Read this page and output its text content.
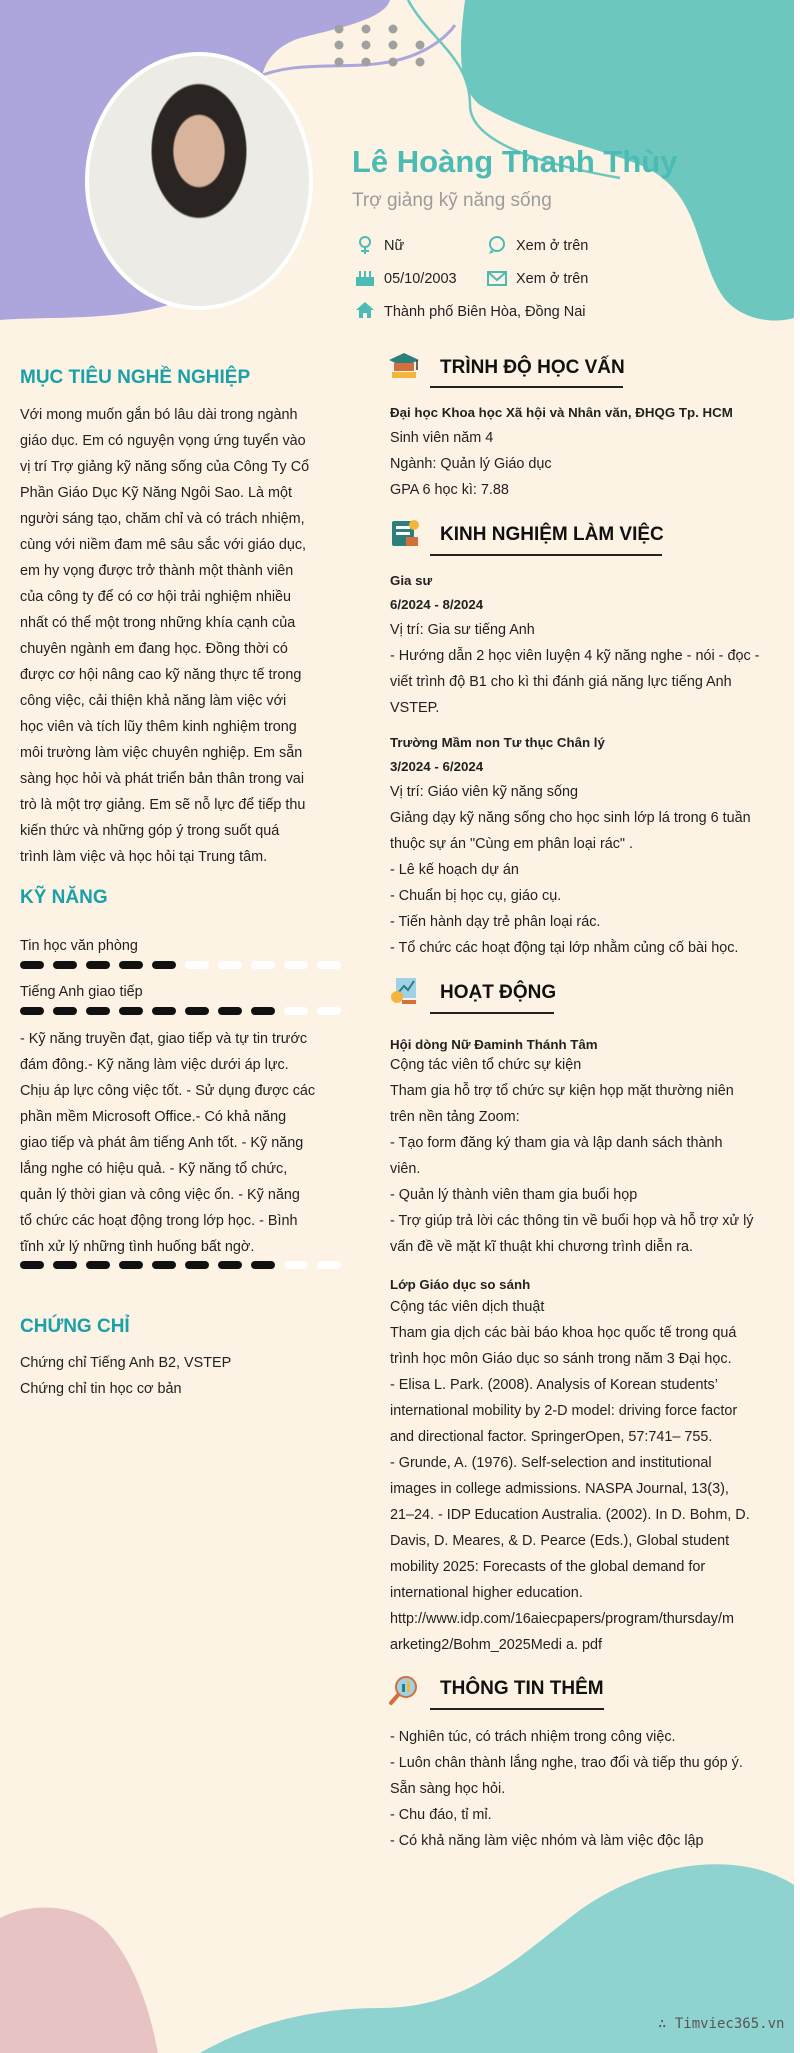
Lê Hoàng Thanh Thùy
Trợ giảng kỹ năng sống
Nữ	Xem ở trên
05/10/2003	Xem ở trên
Thành phố Biên Hòa, Đồng Nai
MỤC TIÊU NGHỀ NGHIỆP
Với mong muốn gắn bó lâu dài trong ngành
giáo dục. Em có nguyện vọng ứng tuyển vào
vị trí Trợ giảng kỹ năng sống của Công Ty Cổ
Phần Giáo Dục Kỹ Năng Ngôi Sao. Là một
người sáng tạo, chăm chỉ và có trách nhiệm,
cùng với niềm đam mê sâu sắc với giáo dục,
em hy vọng được trở thành một thành viên
của công ty để có cơ hội trải nghiệm nhiều
nhất có thể một trong những khía cạnh của
chuyên ngành em đang học. Đồng thời có
được cơ hội nâng cao kỹ năng thực tế trong
công việc, cải thiện khả năng làm việc với
học viên và tích lũy thêm kinh nghiệm trong
môi trường làm việc chuyên nghiệp. Em sẵn
sàng học hỏi và phát triển bản thân trong vai
trò là một trợ giảng. Em sẽ nỗ lực để tiếp thu
kiến thức và những góp ý trong suốt quá
trình làm việc và học hỏi tại Trung tâm.
KỸ NĂNG
Tin học văn phòng
Tiếng Anh giao tiếp
- Kỹ năng truyền đạt, giao tiếp và tự tin trước
đám đông.- Kỹ năng làm việc dưới áp lực.
Chịu áp lực công việc tốt. - Sử dụng được các
phần mềm Microsoft Office.- Có khả năng
giao tiếp và phát âm tiếng Anh tốt. - Kỹ năng
lắng nghe có hiệu quả. - Kỹ năng tổ chức,
quản lý thời gian và công việc ổn. - Kỹ năng
tổ chức các hoạt động trong lớp học. - Bình
tĩnh xử lý những tình huống bất ngờ.
CHỨNG CHỈ
Chứng chỉ Tiếng Anh B2, VSTEP
Chứng chỉ tin học cơ bản
TRÌNH ĐỘ HỌC VẤN
Đại học Khoa học Xã hội và Nhân văn, ĐHQG Tp. HCM
Sinh viên năm 4
Ngành: Quản lý Giáo dục
GPA 6 học kì: 7.88
KINH NGHIỆM LÀM VIỆC
Gia sư
6/2024 - 8/2024
Vị trí: Gia sư tiếng Anh
- Hướng dẫn 2 học viên luyện 4 kỹ năng nghe - nói - đọc -
viết trình độ B1 cho kì thi đánh giá năng lực tiếng Anh
VSTEP.
Trường Mầm non Tư thục Chân lý
3/2024 - 6/2024
Vị trí: Giáo viên kỹ năng sống
Giảng dạy kỹ năng sống cho học sinh lớp lá trong 6 tuần
thuộc sự án "Cùng em phân loại rác" .
- Lê kế hoạch dự án
- Chuẩn bị học cụ, giáo cụ.
- Tiến hành dạy trẻ phân loại rác.
- Tổ chức các hoạt động tại lớp nhằm củng cố bài học.
HOẠT ĐỘNG
Hội dòng Nữ Đaminh Thánh Tâm
Cộng tác viên tổ chức sự kiện
Tham gia hỗ trợ tổ chức sự kiện họp mặt thường niên
trên nền tảng Zoom:
- Tạo form đăng ký tham gia và lập danh sách thành
viên.
- Quản lý thành viên tham gia buổi họp
- Trợ giúp trả lời các thông tin về buổi họp và hỗ trợ xử lý
vấn đề về mặt kĩ thuật khi chương trình diễn ra.
Lớp Giáo dục so sánh
Cộng tác viên dịch thuật
Tham gia dịch các bài báo khoa học quốc tế trong quá
trình học môn Giáo dục so sánh trong năm 3 Đại học.
- Elisa L. Park. (2008). Analysis of Korean students’
international mobility by 2-D model: driving force factor
and directional factor. SpringerOpen, 57:741– 755.
- Grunde, A. (1976). Self-selection and institutional
images in college admissions. NASPA Journal, 13(3),
21–24. - IDP Education Australia. (2002). In D. Bohm, D.
Davis, D. Meares, & D. Pearce (Eds.), Global student
mobility 2025: Forecasts of the global demand for
international higher education.
http://www.idp.com/16aiecpapers/program/thursday/m
arketing2/Bohm_2025Medi a. pdf
THÔNG TIN THÊM
- Nghiên túc, có trách nhiệm trong công việc.
- Luôn chân thành lắng nghe, trao đổi và tiếp thu góp ý.
Sẵn sàng học hỏi.
- Chu đáo, tỉ mỉ.
- Có khả năng làm việc nhóm và làm việc độc lập
∴ Timviec365.vn
